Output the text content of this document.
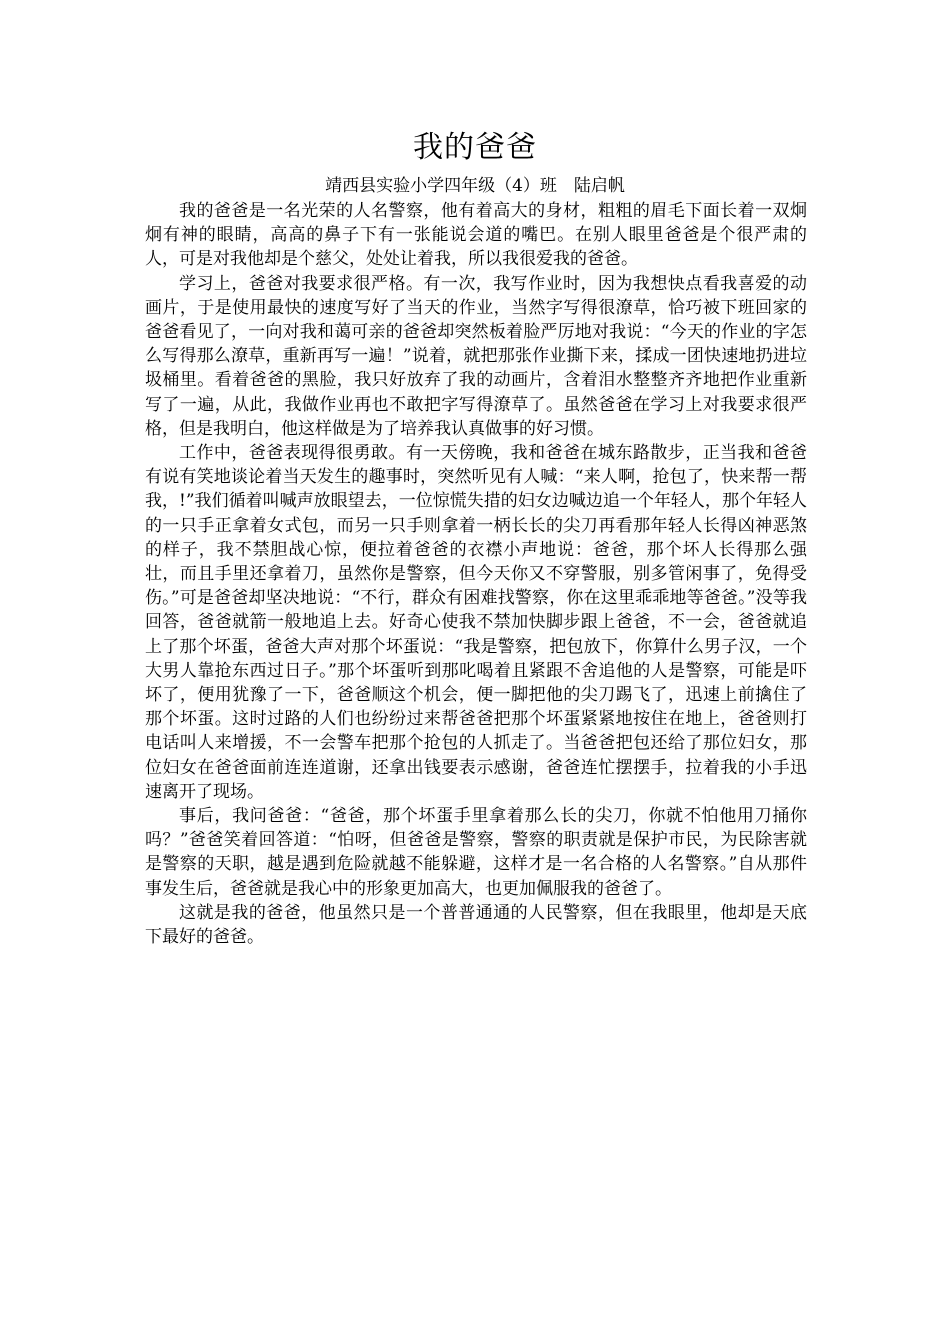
我的爸爸

靖西县实验小学四年级（4）班　陆启帆

我的爸爸是一名光荣的人名警察，他有着高大的身材，粗粗的眉毛下面长着一双炯炯有神的眼睛，高高的鼻子下有一张能说会道的嘴巴。在别人眼里爸爸是个很严肃的人，可是对我他却是个慈父，处处让着我，所以我很爱我的爸爸。

学习上，爸爸对我要求很严格。有一次，我写作业时，因为我想快点看我喜爱的动画片，于是使用最快的速度写好了当天的作业，当然字写得很潦草，恰巧被下班回家的爸爸看见了，一向对我和蔼可亲的爸爸却突然板着脸严厉地对我说：“今天的作业的字怎么写得那么潦草，重新再写一遍！”说着，就把那张作业撕下来，揉成一团快速地扔进垃圾桶里。看着爸爸的黑脸，我只好放弃了我的动画片，含着泪水整整齐齐地把作业重新写了一遍，从此，我做作业再也不敢把字写得潦草了。虽然爸爸在学习上对我要求很严格，但是我明白，他这样做是为了培养我认真做事的好习惯。

工作中，爸爸表现得很勇敢。有一天傍晚，我和爸爸在城东路散步，正当我和爸爸有说有笑地谈论着当天发生的趣事时，突然听见有人喊：“来人啊，抢包了，快来帮一帮我，!”我们循着叫喊声放眼望去，一位惊慌失措的妇女边喊边追一个年轻人，那个年轻人的一只手正拿着女式包，而另一只手则拿着一柄长长的尖刀再看那年轻人长得凶神恶煞的样子，我不禁胆战心惊，便拉着爸爸的衣襟小声地说：爸爸，那个坏人长得那么强壮，而且手里还拿着刀，虽然你是警察，但今天你又不穿警服，别多管闲事了，免得受伤。”可是爸爸却坚决地说：“不行，群众有困难找警察，你在这里乖乖地等爸爸。”没等我回答，爸爸就箭一般地追上去。好奇心使我不禁加快脚步跟上爸爸，不一会，爸爸就追上了那个坏蛋，爸爸大声对那个坏蛋说：“我是警察，把包放下，你算什么男子汉，一个大男人靠抢东西过日子。”那个坏蛋听到那叱喝着且紧跟不舍追他的人是警察，可能是吓坏了，便用犹豫了一下，爸爸顺这个机会，便一脚把他的尖刀踢飞了，迅速上前擒住了那个坏蛋。这时过路的人们也纷纷过来帮爸爸把那个坏蛋紧紧地按住在地上，爸爸则打电话叫人来增援，不一会警车把那个抢包的人抓走了。当爸爸把包还给了那位妇女，那位妇女在爸爸面前连连道谢，还拿出钱要表示感谢，爸爸连忙摆摆手，拉着我的小手迅速离开了现场。

事后，我问爸爸：“爸爸，那个坏蛋手里拿着那么长的尖刀，你就不怕他用刀捅你吗？”爸爸笑着回答道：“怕呀，但爸爸是警察，警察的职责就是保护市民，为民除害就是警察的天职，越是遇到危险就越不能躲避，这样才是一名合格的人名警察。”自从那件事发生后，爸爸就是我心中的形象更加高大，也更加佩服我的爸爸了。

这就是我的爸爸，他虽然只是一个普普通通的人民警察，但在我眼里，他却是天底下最好的爸爸。
